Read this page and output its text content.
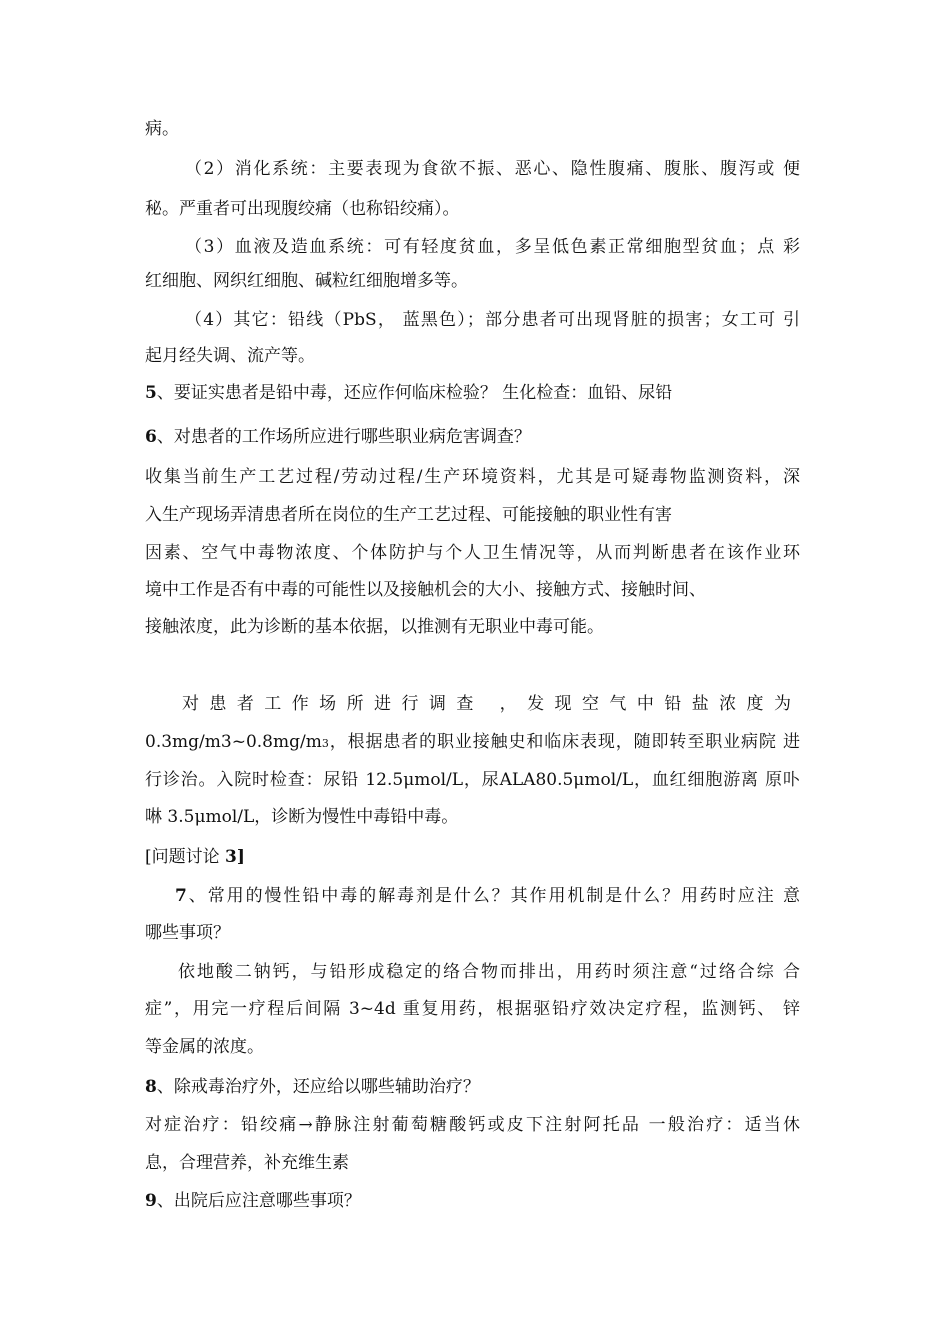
病。
（2）消化系统：主要表现为食欲不振、恶心、隐性腹痛、腹胀、腹泻或 便
秘。严重者可出现腹绞痛（也称铅绞痛）。
（3）血液及造血系统：可有轻度贫血，多呈低色素正常细胞型贫血；点 彩
红细胞、网织红细胞、碱粒红细胞增多等。
（4）其它：铅线（PbS， 蓝黑色）；部分患者可出现肾脏的损害；女工可 引
起月经失调、流产等。
5、要证实患者是铅中毒，还应作何临床检验？ 生化检查：血铅、尿铅
6、对患者的工作场所应进行哪些职业病危害调查？
收集当前生产工艺过程/劳动过程/生产环境资料，尤其是可疑毒物监测资料，深
入生产现场弄清患者所在岗位的生产工艺过程、可能接触的职业性有害
因素、空气中毒物浓度、个体防护与个人卫生情况等，从而判断患者在该作业环
境中工作是否有中毒的可能性以及接触机会的大小、接触方式、接触时间、
接触浓度，此为诊断的基本依据，以推测有无职业中毒可能。
对患者工作场所进行调查 ，发现空气中铅盐浓度为
0.3mg/m3~0.8mg/m3，根据患者的职业接触史和临床表现，随即转至职业病院 进
行诊治。入院时检查：尿铅 12.5μmol/L，尿ALA80.5μmol/L，血红细胞游离 原卟
啉 3.5μmol/L，诊断为慢性中毒铅中毒。
[问题讨论 3]
7、常用的慢性铅中毒的解毒剂是什么？其作用机制是什么？用药时应注 意
哪些事项？
依地酸二钠钙，与铅形成稳定的络合物而排出，用药时须注意“过络合综 合
症”，用完一疗程后间隔 3~4d 重复用药，根据驱铅疗效决定疗程，监测钙、 锌
等金属的浓度。
8、除戒毒治疗外，还应给以哪些辅助治疗？
对症治疗：铅绞痛→静脉注射葡萄糖酸钙或皮下注射阿托品 一般治疗：适当休
息，合理营养，补充维生素
9、出院后应注意哪些事项？
